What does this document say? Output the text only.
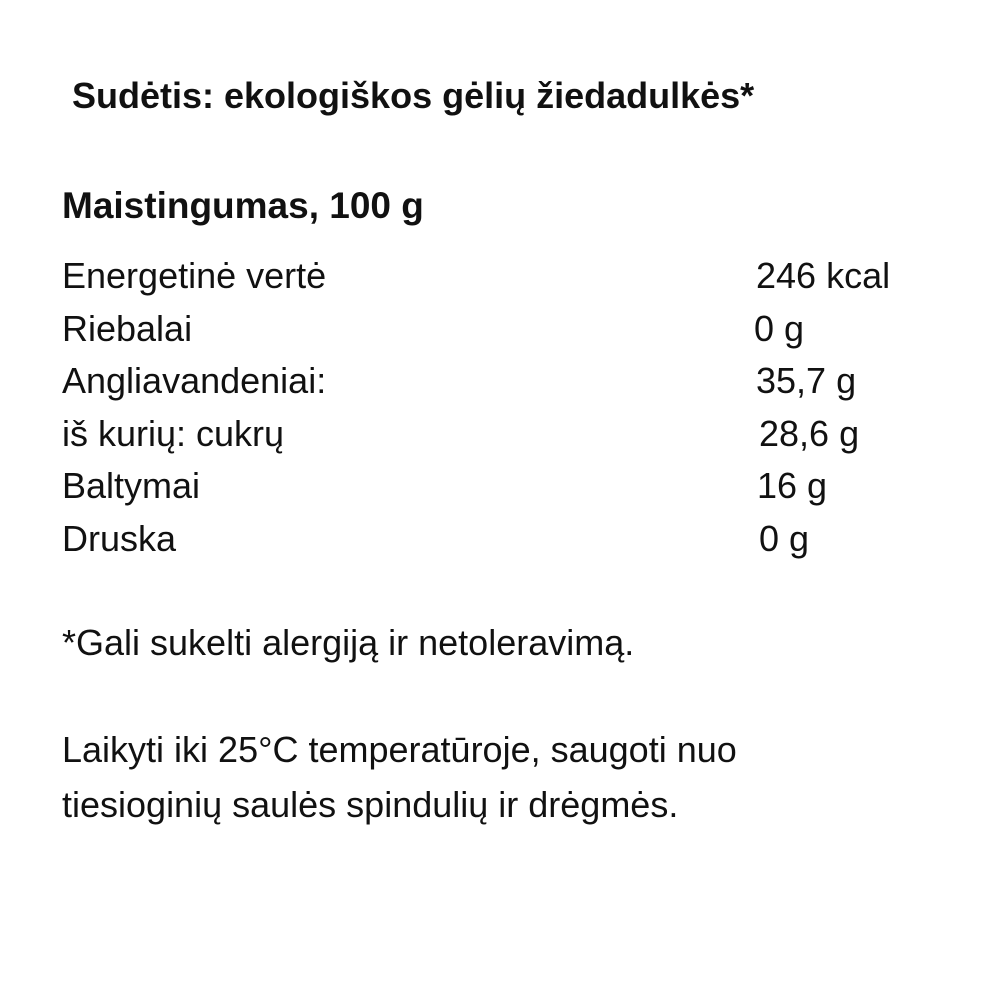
Sudėtis: ekologiškos gėlių žiedadulkės*
Maistingumas, 100 g
Energetinė vertė	246 kcal
Riebalai	0 g
Angliavandeniai:	35,7 g
iš kurių: cukrų	28,6 g
Baltymai	16 g
Druska	0 g
*Gali sukelti alergiją ir netoleravimą.

Laikyti iki 25°C temperatūroje, saugoti nuo

tiesioginių saulės spindulių ir drėgmės.
